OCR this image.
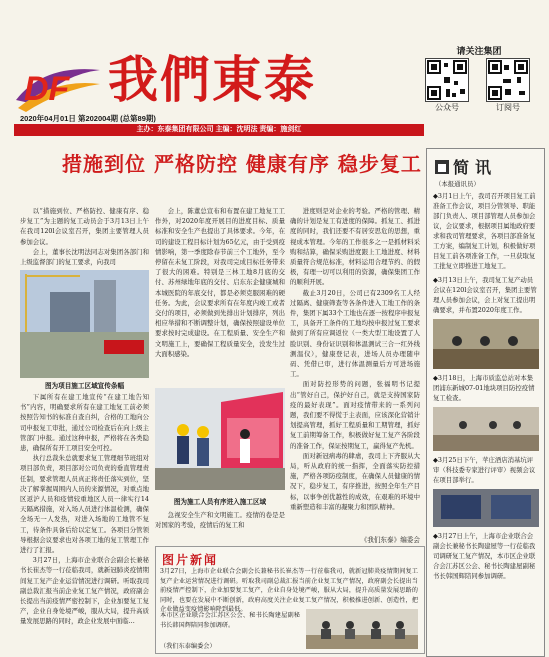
DF 我們東泰	请关注集团
公众号	订阅号
2020年04月01日 第202004期 (总第89期)
主办：东泰集团有限公司 主编：沈明法 责编：施剑红
措施到位 严格防控 健康有序 稳步复工

以“措施到位、严格防控、健康有序、稳步复工”为主题的复工动员会于3月13日上午在我司120l会议室召开，集团主要管理人员参加会议。

会上，董事长沈明法同志对集团各部门和上级监督部门的复工要求，向我司

图为项目施工区域宣传条幅

下属所有在建工地宣传“在建工地告知书”内容，明确要求所有在建工地复工前必须按照告知书的标准自查自纠，合格的工地向公司申报复工审批，通过公司检查后在向上级主管部门申报。通过这种申报，严格将在各类隐患，确保所有开工项目安全可控。

执行总裁朱总就要求复工管理细节班组对项目部负责，项目部对公司负责的垂直管理责任制，要求管理人员真正将责任落实到位，坚决了解掌握周围内人员的来源情况，对重点地区返沪人员和疫情较重地区人员一律实行14天隔离措施，对入场人员进行体温检测，确保全场无一人发热，对进入场地的工地管不复工，待条件具备后给以定复工。各项目分管领导根据会议要求也对各项工地的复工管理工作进行了汇报。

3月27日，上海市企业联合会副会长兼秘书长崔杰等一行莅临我司，就新冠肺炎疫情期间复工复产企业运营情况进行调研。听取我司副总裁汇报当前企业复工复产情况，政府副会长提出当前疫情严密控制下，企业加要复工复产，企业自身处境严峻，服从大局，提升高质量发展思路的同时，政企业发展中面临...

会上，陈董总宣布和布置在建工地复工工作外，对2020年度开展目的进度目标、质量标准和安全生产也提出了具体要求。今年，在司的建设工程目标计划为65亿元，由于受到疫情影响，第一季度除春节前三个工地外，至今停留在未复工阶段，对我司完成目标任务带来了很大的困难。特别是三林工地8月底的交付、苏州绿地年底的交付、启东东企健康城和本城医院的年底交付，都是必须克服困难的硬任务。为此，会议要求所有在年度内竣工或者交付的项目，必须做到先排出计划排序，列出相应举措和不断调整计划，确保按照建设单位要求按时完成建设。在工程质量、安全生产和文明施工上，要确保工程质量安全，没发生过大面积感染。

图为施工人员有序进入施工区域

急视安全生产和文明施工。疫情的卷是是对国家的考验，疫情后的复工和

进度则是对企业的考验。严格的管理、精确的计划是复工有进度的保障。抓复工、抓进度的同时，我们还要不有居安思危的思想，重视成本管理。今年的工作很多之一是抓材料采购和结算，确保采购进度跟上工地进度、材料质量符合规范标准，材料运用合理节约、的假极，有理一切可以利用的资源，确保集团工作的顺利开展。

截止3月20日，公司已有2309名工人经过隔离、健康筛查等各条件进入工地工作的条件，集团下属33个工地也在逐一按程序申报复工，具备开工条件的工地均按申报过复工要求做到了所有应调返位（一类大型工地设置了人脸识别、身份证识别和体温测试三合一红外线测温仪），健康登记表，进场人员办理随申码、凭借已审，进行体温测量后方可进场施工。

面对防控形势的问题，张福明书记提出“管好自己，保护好自己，就是支持国家防疫的最好表现”。面对疫情带来的一系列问题，我们要不得慌于主表面，应该深化营销计划提高管理，抓好工程质量和工期管理，抓好复工前期筹备工作，积极做好复工复产各阶段的准备工作，保证按期复工，赢得复产先机。

面对新冠病毒的肆虐，我司上下齐服从大局，听从政府的统一指挥，全面落实防控措施，严格各项防疫制度，在确保人员健康的情况下，稳步复工，有序推进，按照全年生产目标，以事争创优越性的成效，在艰难的环境中重新塑造和丰富的凝聚力和团队精神。

《我们东泰》编委会
图片新闻
3月27日，上海市企业联合会副会长兼秘书长崔杰等一行莅临我司，就新冠肺炎疫情期间复工复产企业运营情况进行调研。听取我司副总裁汇报当前企业复工复产情况，政府副会长提出当前疫情严控制下，企业加要复工复产，企业自身处境严峻，服从大局，提升高质量发展思路的同时，也要在发展中不断创新，政府高度关注企业复工复产情况，积极推进创新、创造性，把企业做益变疫情影响降到最低。
本市区企业联合会江苏区公会、秘书长陶建屋副秘书长韩国辉陪同参加调研。
（我们东泰编委会）
简讯
（本报通讯员）

◆3月1日上午，我司召开项目复工前准备工作会议，项目分管领导、职能部门负责人、项目部管理人员参加会议，会议要求，根据项目属地政府要求和我司管理要求，各项目部准备复工方案，编制复工计划，积极做好项目复工前各项准备工作，一旦获取复工批复立即推进工地复工。

◆3月13日上午，我司复工复产动员会议在120l会议室召开，集团主要管理人员参加会议，会上对复工提出明确要求，并布置2020年度工作。

◆3月18日，上海市质监总站对本集团浦东新城07-01地块项目防控疫情复工检查。

◆3月25日下午，苹庄酒店消基坑评审（科技委专家进行评审）视频会议在项目部举行。

◆3月27日上午，上海市企业联合会副会长兼秘书长陶建屋等一行莅临我司调研复工复产情况，本市区企业联合会江苏区公会、秘书长陶建屋副秘书长韩国辉陪同参加调研。
